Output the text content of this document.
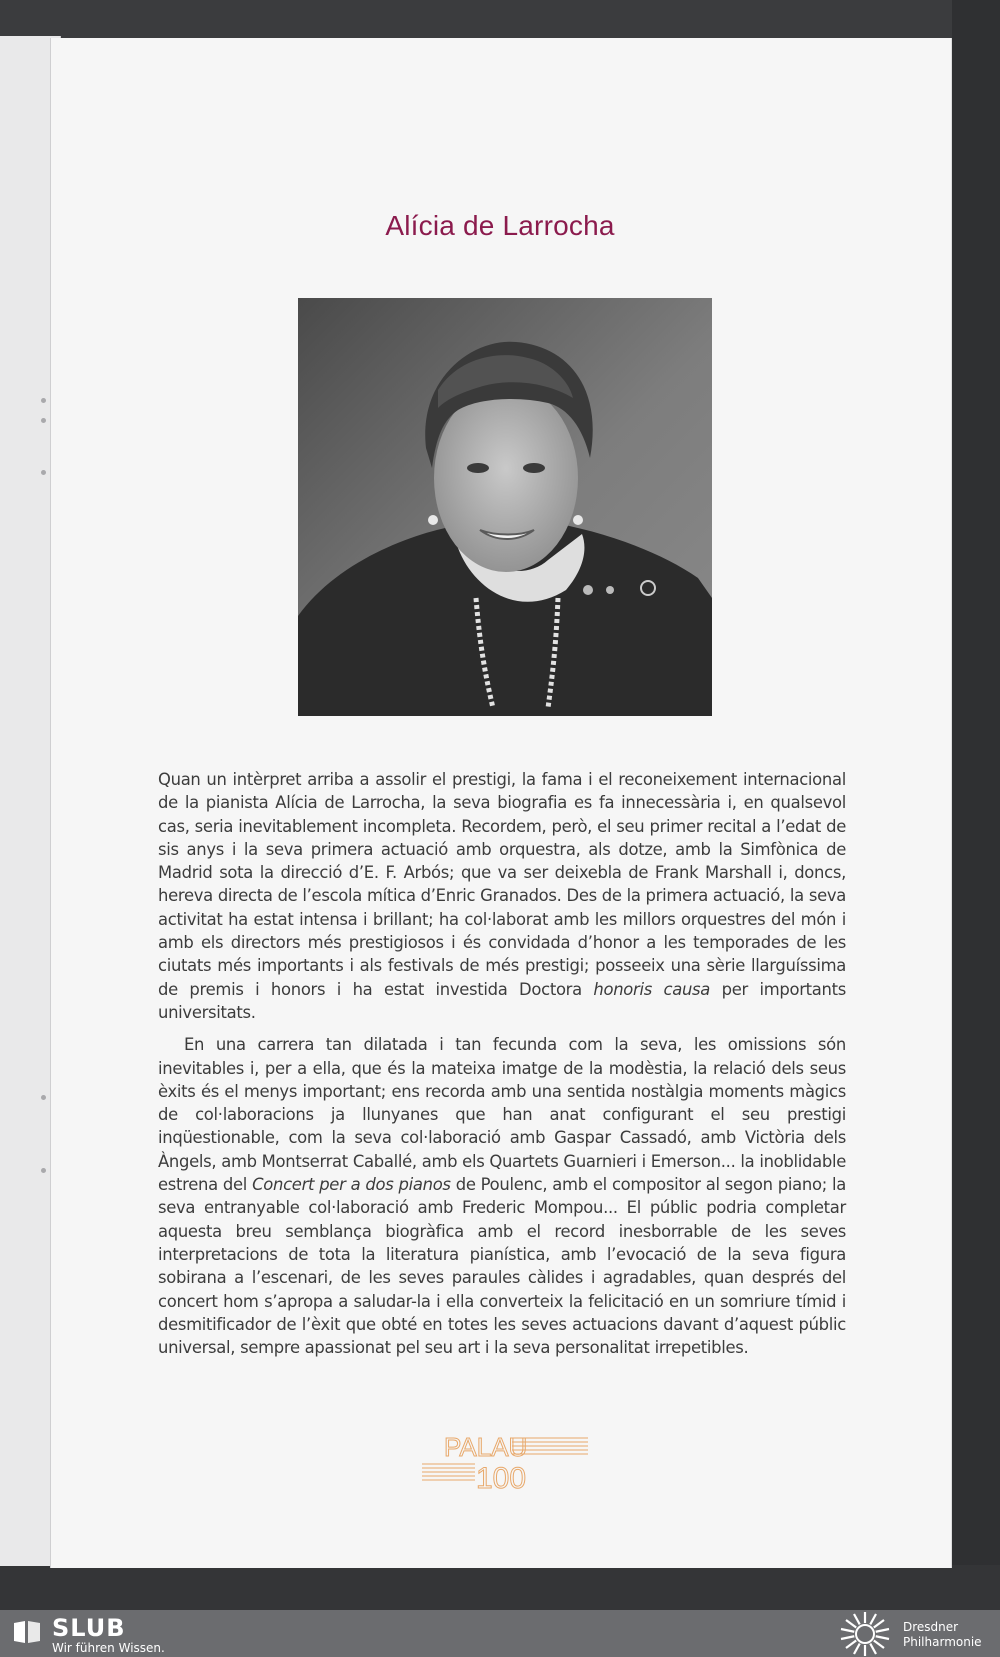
Alícia de Larrocha

Quan un intèrpret arriba a assolir el prestigi, la fama i el reconeixement internacional de la pianista Alícia de Larrocha, la seva biografia es fa innecessària i, en qualsevol cas, seria inevitablement incompleta. Recordem, però, el seu primer recital a l’edat de sis anys i la seva primera actuació amb orquestra, als dotze, amb la Simfònica de Madrid sota la direcció d’E. F. Arbós; que va ser deixebla de Frank Marshall i, doncs, hereva directa de l’escola mítica d’Enric Granados. Des de la primera actuació, la seva activitat ha estat intensa i brillant; ha col·laborat amb les millors orquestres del món i amb els directors més prestigiosos i és convidada d’honor a les temporades de les ciutats més importants i als festivals de més prestigi; posseeix una sèrie llarguíssima de premis i honors i ha estat investida Doctora honoris causa per importants universitats.

En una carrera tan dilatada i tan fecunda com la seva, les omissions són inevitables i, per a ella, que és la mateixa imatge de la modèstia, la relació dels seus èxits és el menys important; ens recorda amb una sentida nostàlgia moments màgics de col·laboracions ja llunyanes que han anat configurant el seu prestigi inqüestionable, com la seva col·laboració amb Gaspar Cassadó, amb Victòria dels Àngels, amb Montserrat Caballé, amb els Quartets Guarnieri i Emerson... la inoblidable estrena del Concert per a dos pianos de Poulenc, amb el compositor al segon piano; la seva entranyable col·laboració amb Frederic Mompou... El públic podria completar aquesta breu semblança biogràfica amb el record inesborrable de les seves interpretacions de tota la literatura pianística, amb l’evocació de la seva figura sobirana a l’escenari, de les seves paraules càlides i agradables, quan després del concert hom s’apropa a saludar-la i ella converteix la felicitació en un somriure tímid i desmitificador de l’èxit que obté en totes les seves actuacions davant d’aquest públic universal, sempre apassionat pel seu art i la seva personalitat irrepetibles.

PALAU
100
SLUB
Wir führen Wissen.
Dresdner
Philharmonie
